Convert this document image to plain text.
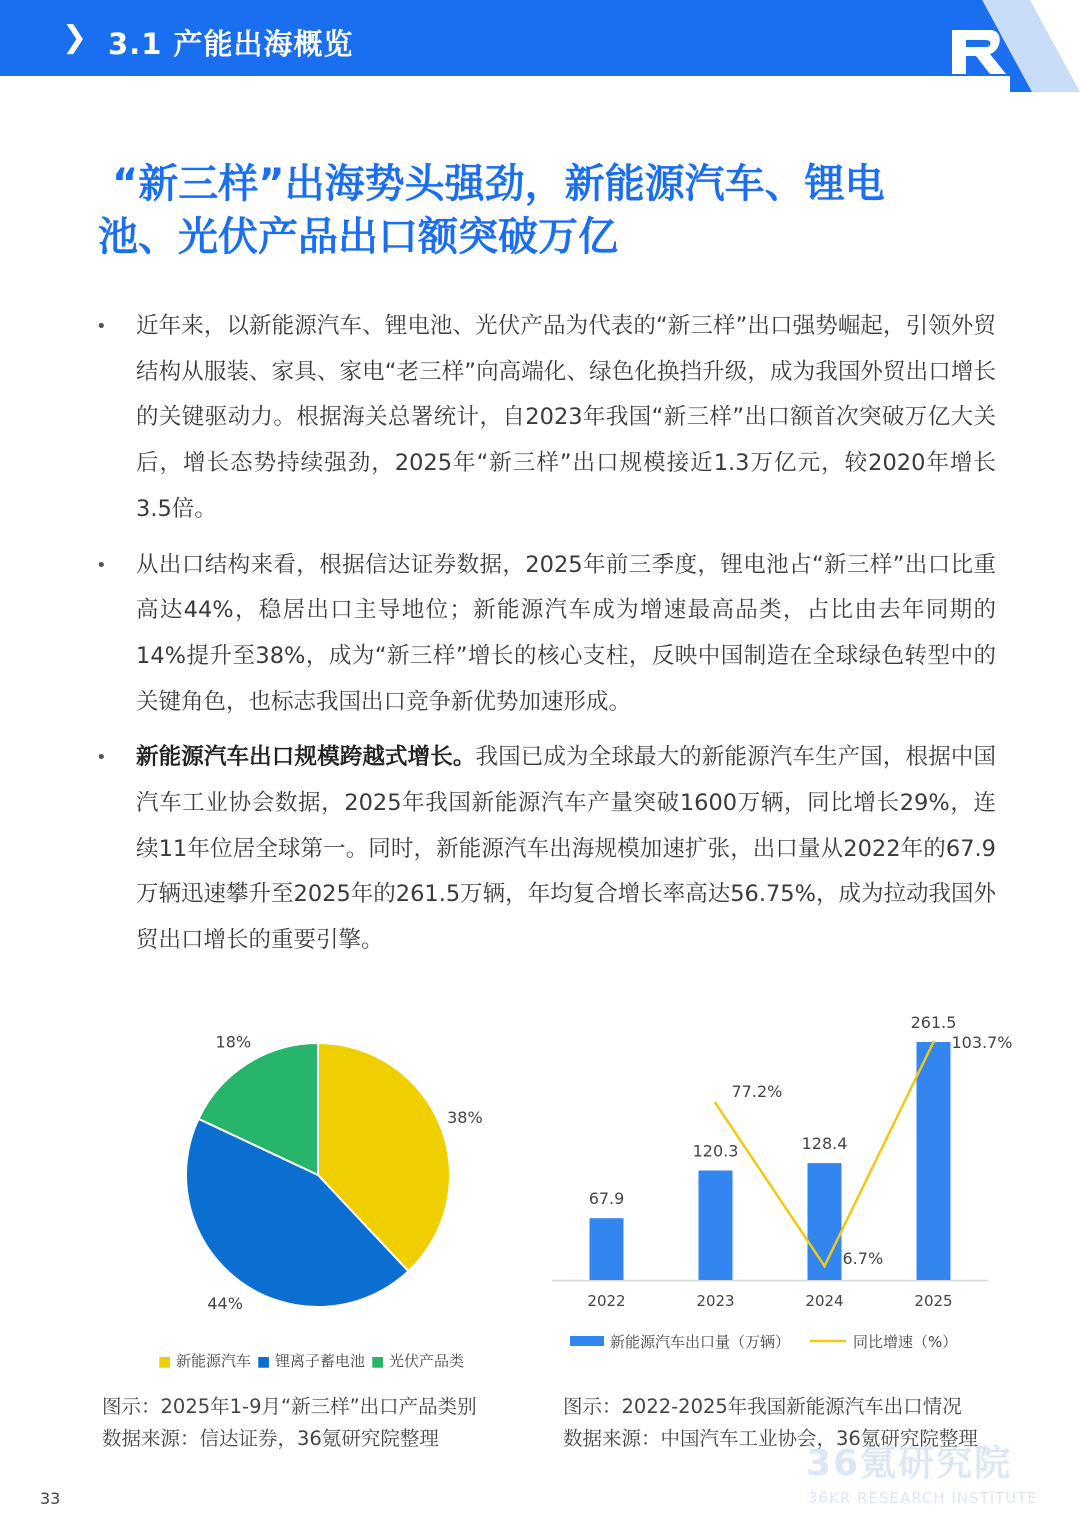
❯ 3.1 产能出海概览
“新三样”出海势头强劲，新能源汽车、锂电
池、光伏产品出口额突破万亿
• 近年来，以新能源汽车、锂电池、光伏产品为代表的“新三样”出口强势崛起，引领外贸结构从服装、家具、家电“老三样”向高端化、绿色化换挡升级，成为我国外贸出口增长的关键驱动力。根据海关总署统计，自2023年我国“新三样”出口额首次突破万亿大关后，增长态势持续强劲，2025年“新三样”出口规模接近1.3万亿元，较2020年增长3.5倍。
• 从出口结构来看，根据信达证券数据，2025年前三季度，锂电池占“新三样”出口比重高达44%，稳居出口主导地位；新能源汽车成为增速最高品类，占比由去年同期的14%提升至38%，成为“新三样”增长的核心支柱，反映中国制造在全球绿色转型中的关键角色，也标志我国出口竞争新优势加速形成。
• 新能源汽车出口规模跨越式增长。我国已成为全球最大的新能源汽车生产国，根据中国汽车工业协会数据，2025年我国新能源汽车产量突破1600万辆，同比增长29%，连续11年位居全球第一。同时，新能源汽车出海规模加速扩张，出口量从2022年的67.9万辆迅速攀升至2025年的261.5万辆，年均复合增长率高达56.75%，成为拉动我国外贸出口增长的重要引擎。
38%
44%
18%
■ 新能源汽车 ■ 锂离子蓄电池 ■ 光伏产品类
67.9
2022
120.3
2023
128.4
2024
261.5
2025
77.2%
6.7%
103.7%
新能源汽车出口量（万辆）	同比增速（%）
图示：2025年1-9月“新三样”出口产品类别
数据来源：信达证券，36氪研究院整理
图示：2022-2025年我国新能源汽车出口情况
数据来源：中国汽车工业协会，36氪研究院整理
33
36氪研究院
36KR RESEARCH INSTITUTE
